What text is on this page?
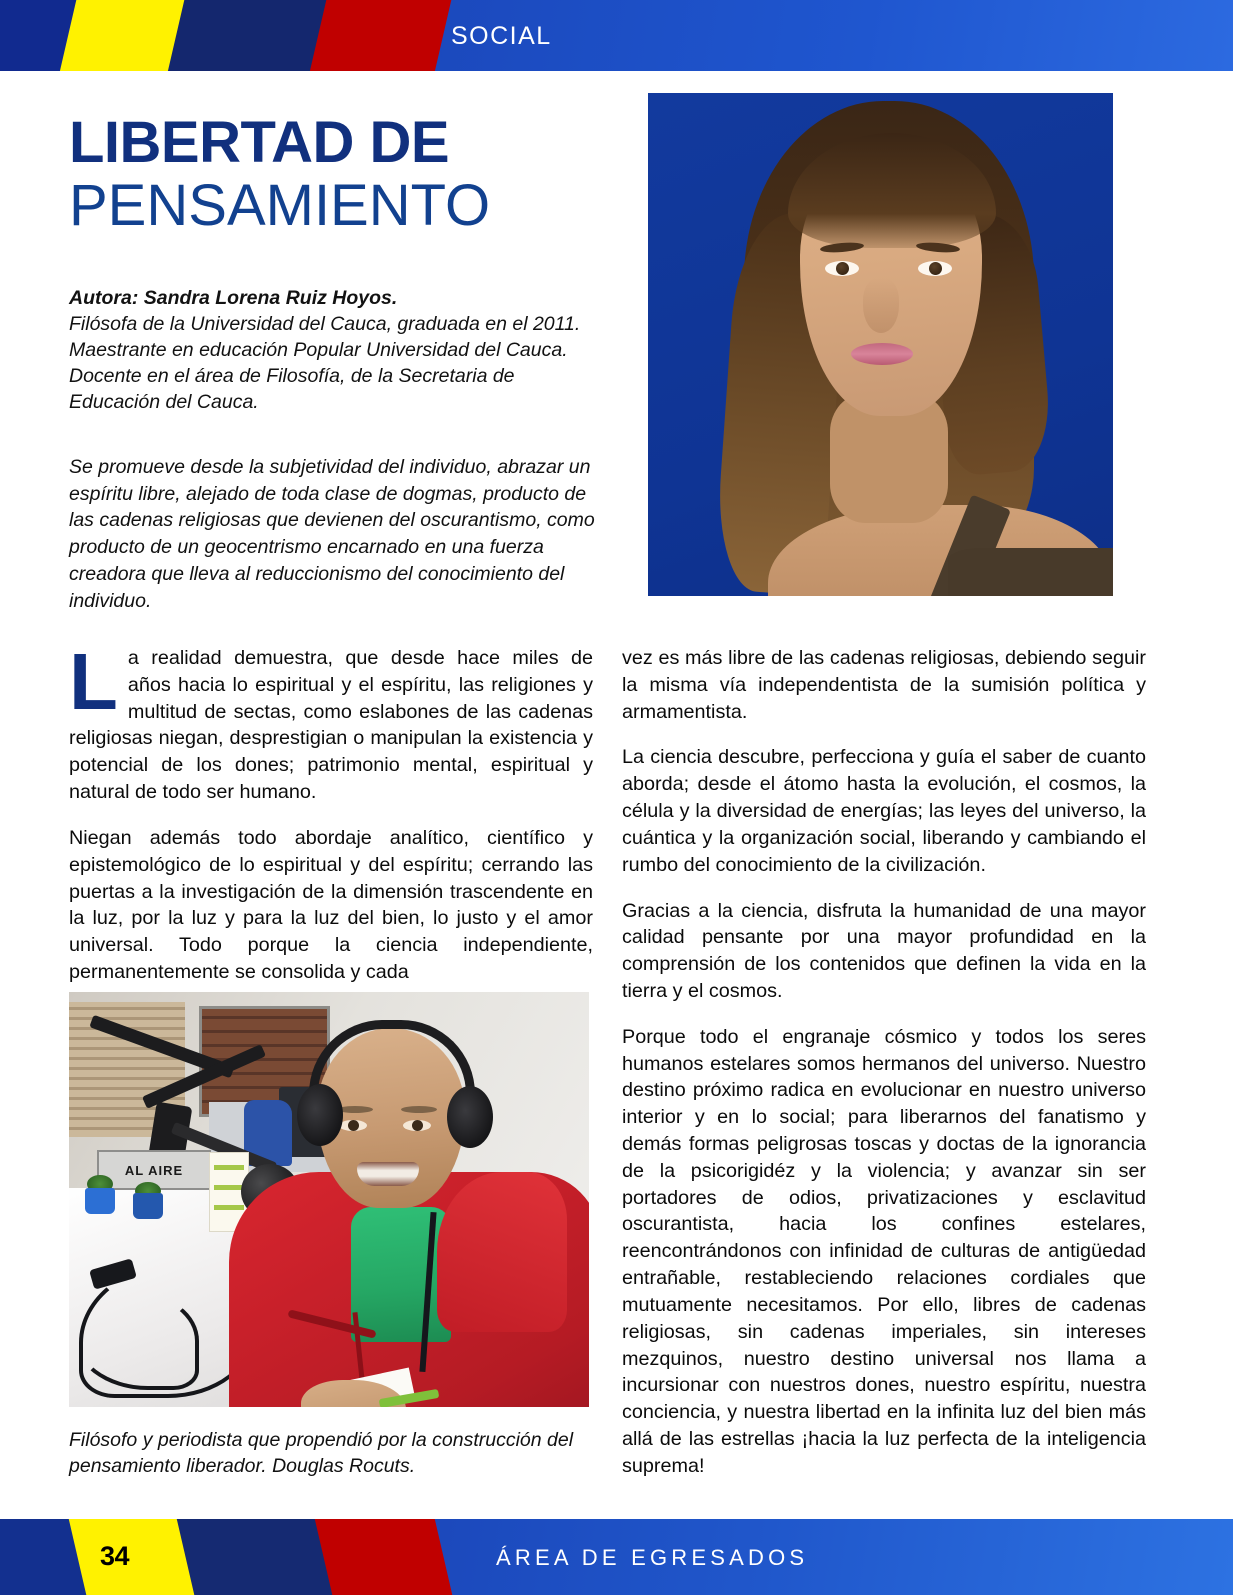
SOCIAL
LIBERTAD DE
PENSAMIENTO
Autora: Sandra Lorena Ruiz Hoyos.
Filósofa de la Universidad del Cauca, graduada en el 2011. Maestrante en educación Popular Universidad del Cauca. Docente en el área de Filosofía, de la Secretaria de Educación del Cauca.
Se promueve desde la subjetividad del individuo, abrazar un espíritu libre, alejado de toda clase de dogmas, producto de las cadenas religiosas que devienen del oscurantismo, como producto de un geocentrismo encarnado en una fuerza creadora que lleva al reduccionismo del conocimiento del individuo.

La realidad demuestra, que desde hace miles de años hacia lo espiritual y el espíritu, las religiones y multitud de sectas, como eslabones de las cadenas religiosas niegan, desprestigian o manipulan la existencia y potencial de los dones; patrimonio mental, espiritual y natural de todo ser humano.

Niegan además todo abordaje analítico, científico y epistemológico de lo espiritual y del espíritu; cerrando las puertas a la investigación de la dimensión trascendente en la luz, por la luz y para la luz del bien, lo justo y el amor universal. Todo porque la ciencia independiente, permanentemente se consolida y cada

vez es más libre de las cadenas religiosas, debiendo seguir la misma vía independentista de la sumisión política y armamentista.

La ciencia descubre, perfecciona y guía el saber de cuanto aborda; desde el átomo hasta la evolución, el cosmos, la célula y la diversidad de energías; las leyes del universo, la cuántica y la organización social, liberando y cambiando el rumbo del conocimiento de la civilización.

Gracias a la ciencia, disfruta la humanidad de una mayor calidad pensante por una mayor profundidad en la comprensión de los contenidos que definen la vida en la tierra y el cosmos.

Porque todo el engranaje cósmico y todos los seres humanos estelares somos hermanos del universo. Nuestro destino próximo radica en evolucionar en nuestro universo interior y en lo social; para liberarnos del fanatismo y demás formas peligrosas toscas y doctas de la ignorancia de la psicorigidéz y la violencia; y avanzar sin ser portadores de odios, privatizaciones y esclavitud oscurantista, hacia los confines estelares, reencontrándonos con infinidad de culturas de antigüedad entrañable, restableciendo relaciones cordiales que mutuamente necesitamos. Por ello, libres de cadenas religiosas, sin cadenas imperiales, sin intereses mezquinos, nuestro destino universal nos llama a incursionar con nuestros dones, nuestro espíritu, nuestra conciencia, y nuestra libertad en la infinita luz del bien más allá de las estrellas ¡hacia la luz perfecta de la inteligencia suprema!

AL AIRE
Filósofo y periodista que propendió por la construcción del pensamiento liberador. Douglas Rocuts.
34	ÁREA DE EGRESADOS
